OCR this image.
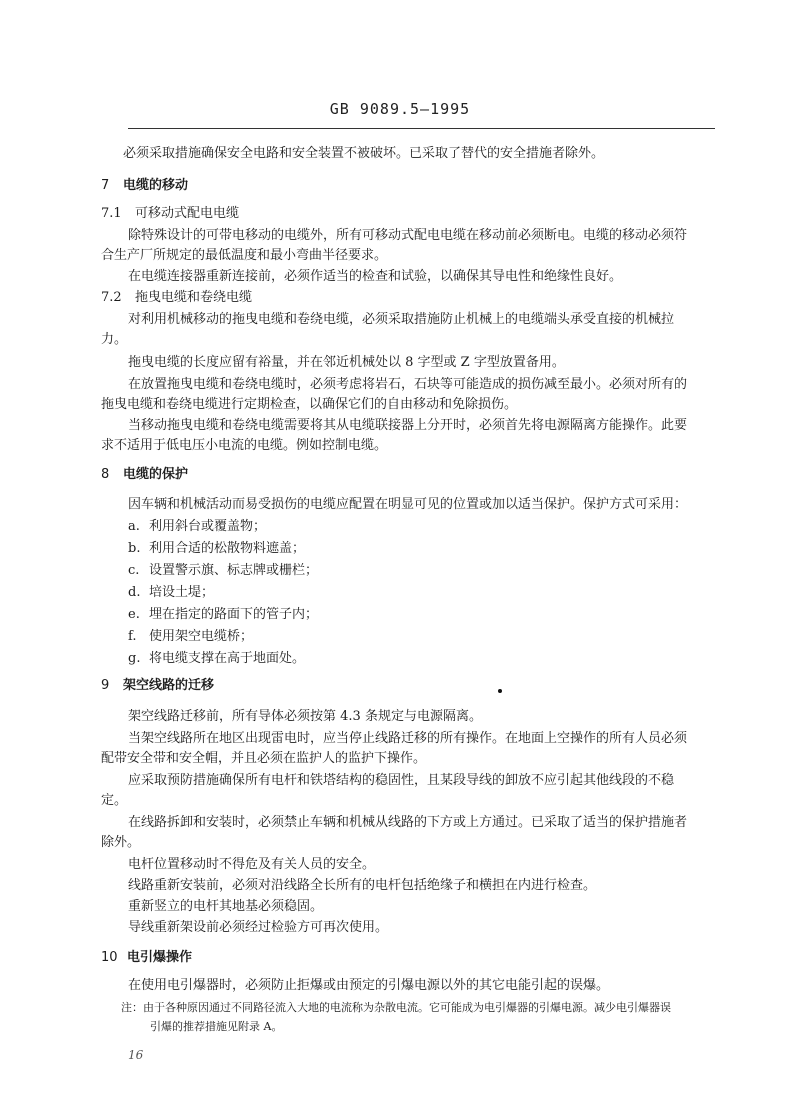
GB 9089.5—1995
必须采取措施确保安全电路和安全装置不被破坏。已采取了替代的安全措施者除外。
7 电缆的移动
7.1 可移动式配电电缆
除特殊设计的可带电移动的电缆外，所有可移动式配电电缆在移动前必须断电。电缆的移动必须符
合生产厂所规定的最低温度和最小弯曲半径要求。
在电缆连接器重新连接前，必须作适当的检查和试验，以确保其导电性和绝缘性良好。
7.2 拖曳电缆和卷绕电缆
对利用机械移动的拖曳电缆和卷绕电缆，必须采取措施防止机械上的电缆端头承受直接的机械拉
力。
拖曳电缆的长度应留有裕量，并在邻近机械处以 8 字型或 Z 字型放置备用。
在放置拖曳电缆和卷绕电缆时，必须考虑将岩石，石块等可能造成的损伤减至最小。必须对所有的
拖曳电缆和卷绕电缆进行定期检查，以确保它们的自由移动和免除损伤。
当移动拖曳电缆和卷绕电缆需要将其从电缆联接器上分开时，必须首先将电源隔离方能操作。此要
求不适用于低电压小电流的电缆。例如控制电缆。
8 电缆的保护
因车辆和机械活动而易受损伤的电缆应配置在明显可见的位置或加以适当保护。保护方式可采用：
a. 利用斜台或覆盖物；
b. 利用合适的松散物料遮盖；
c. 设置警示旗、标志牌或栅栏；
d. 培设土堤；
e. 埋在指定的路面下的管子内；
f. 使用架空电缆桥；
g. 将电缆支撑在高于地面处。
9 架空线路的迁移
架空线路迁移前，所有导体必须按第 4.3 条规定与电源隔离。
当架空线路所在地区出现雷电时，应当停止线路迁移的所有操作。在地面上空操作的所有人员必须
配带安全带和安全帽，并且必须在监护人的监护下操作。
应采取预防措施确保所有电杆和铁塔结构的稳固性，且某段导线的卸放不应引起其他线段的不稳
定。
在线路拆卸和安装时，必须禁止车辆和机械从线路的下方或上方通过。已采取了适当的保护措施者
除外。
电杆位置移动时不得危及有关人员的安全。
线路重新安装前，必须对沿线路全长所有的电杆包括绝缘子和横担在内进行检查。
重新竖立的电杆其地基必须稳固。
导线重新架设前必须经过检验方可再次使用。
10 电引爆操作
在使用电引爆器时，必须防止拒爆或由预定的引爆电源以外的其它电能引起的误爆。
注：由于各种原因通过不同路径流入大地的电流称为杂散电流。它可能成为电引爆器的引爆电源。减少电引爆器误
引爆的推荐措施见附录 A。
16
